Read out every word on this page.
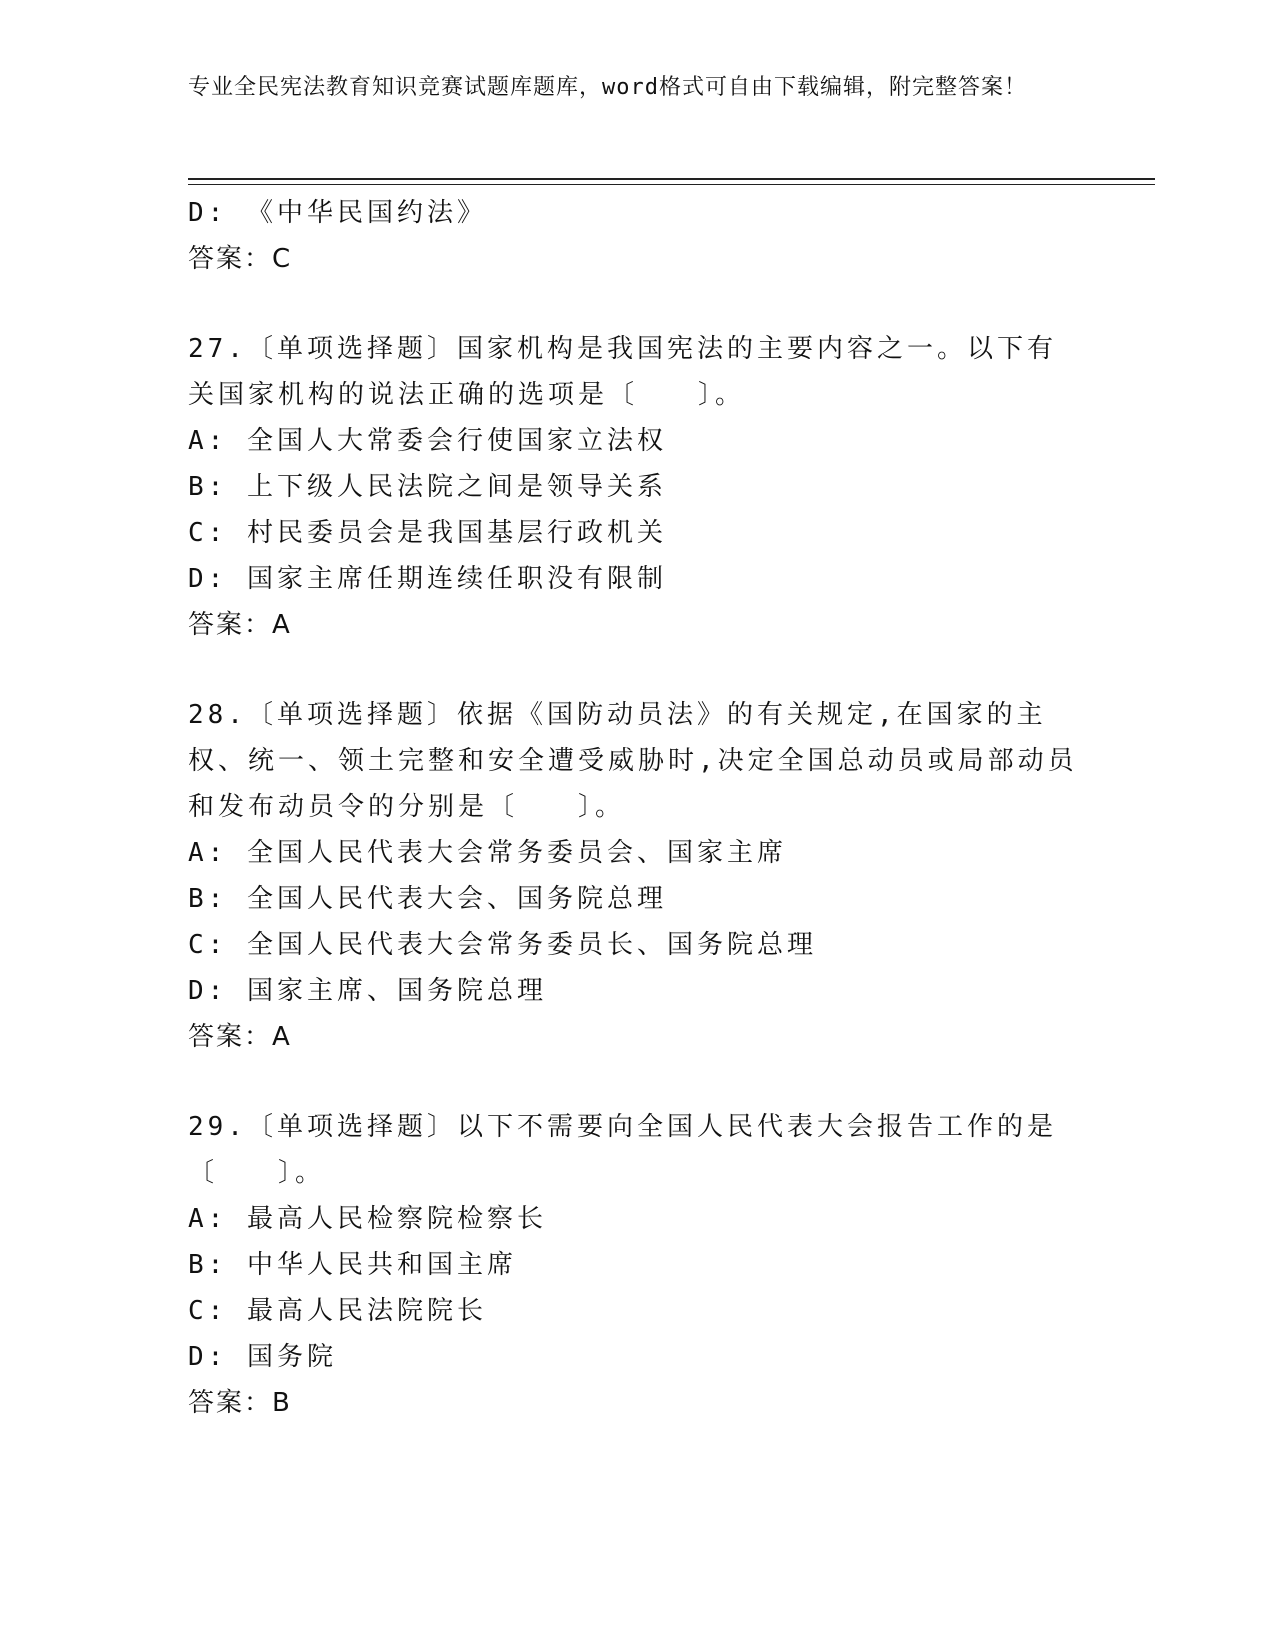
专业全民宪法教育知识竞赛试题库题库，word格式可自由下载编辑，附完整答案！
D: 《中华民国约法》
答案：C
27.〔单项选择题〕国家机构是我国宪法的主要内容之一。以下有关国家机构的说法正确的选项是〔　　〕。
A: 全国人大常委会行使国家立法权
B: 上下级人民法院之间是领导关系
C: 村民委员会是我国基层行政机关
D: 国家主席任期连续任职没有限制
答案：A
28.〔单项选择题〕依据《国防动员法》的有关规定,在国家的主权、统一、领土完整和安全遭受威胁时,决定全国总动员或局部动员和发布动员令的分别是〔　　〕。
A: 全国人民代表大会常务委员会、国家主席
B: 全国人民代表大会、国务院总理
C: 全国人民代表大会常务委员长、国务院总理
D: 国家主席、国务院总理
答案：A
29.〔单项选择题〕以下不需要向全国人民代表大会报告工作的是〔　　〕。
A: 最高人民检察院检察长
B: 中华人民共和国主席
C: 最高人民法院院长
D: 国务院
答案：B
